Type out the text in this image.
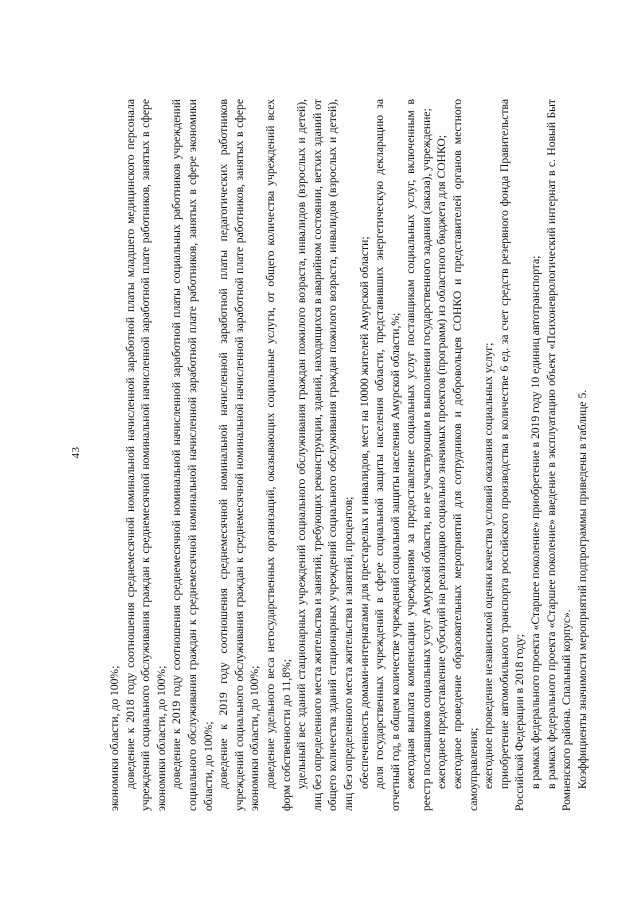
43

экономики области, до 100%; доведение к 2018 году соотношения среднемесячной номинальной начисленной заработной платы младшего медицинского персонала учреждений социального обслуживания граждан к среднемесячной номинальной начисленной заработной плате работников, занятых в сфере экономики области, до 100%; доведение к 2019 году соотношения среднемесячной номинальной начисленной заработной платы социальных работников учреждений социального обслуживания граждан к среднемесячной номинальной начисленной заработной плате работников, занятых в сфере экономики области, до 100%; доведение к 2019 году соотношения среднемесячной номинальной начисленной заработной платы педагогических работников учреждений социального обслуживания граждан к среднемесячной номинальной начисленной заработной плате работников, занятых в сфере экономики области, до 100%; доведение удельного веса негосударственных организаций, оказывающих социальные услуги, от общего количества учреждений всех форм собственности до 11,8%; удельный вес зданий стационарных учреждений социального обслуживания граждан пожилого возраста, инвалидов (взрослых и детей), лиц без определенного места жительства и занятий, требующих реконструкции, зданий, находящихся в аварийном состоянии, ветхих зданий от общего количества зданий стационарных учреждений социального обслуживания граждан пожилого возраста, инвалидов (взрослых и детей), лиц без определенного места жительства и занятий, процентов; обеспеченность домами-интернатами для престарелых и инвалидов, мест на 10000 жителей Амурской области; доля государственных учреждений в сфере социальной защиты населения области, представивших энергетическую декларацию за отчетный год, в общем количестве учреждений социальной защиты населения Амурской области,%; ежегодная выплата компенсации учреждениям за предоставление социальных услуг поставщикам социальных услуг, включенным в реестр поставщиков социальных услуг Амурской области, но не участвующим в выполнении государственного задания (заказа), учреждение; ежегодное предоставление субсидий на реализацию социально значимых проектов (программ) из областного бюджета для СОНКО; ежегодное проведение образовательных мероприятий для сотрудников и добровольцев СОНКО и представителей органов местного самоуправления; ежегодное проведение независимой оценки качества условий оказания социальных услуг; приобретение автомобильного транспорта российского производства в количестве 6 ед. за счет средств резервного фонда Правительства Российской Федерации в 2018 году; в рамках федерального проекта «Старшее поколение» приобретение в 2019 году 10 единиц автотранспорта; в рамках федерального проекта «Старшее поколение» введение в эксплуатацию объект «Психоневрологический интернат в с. Новый Быт Ромненского района. Спальный корпус». Коэффициенты значимости мероприятий подпрограммы приведены в таблице 5.
